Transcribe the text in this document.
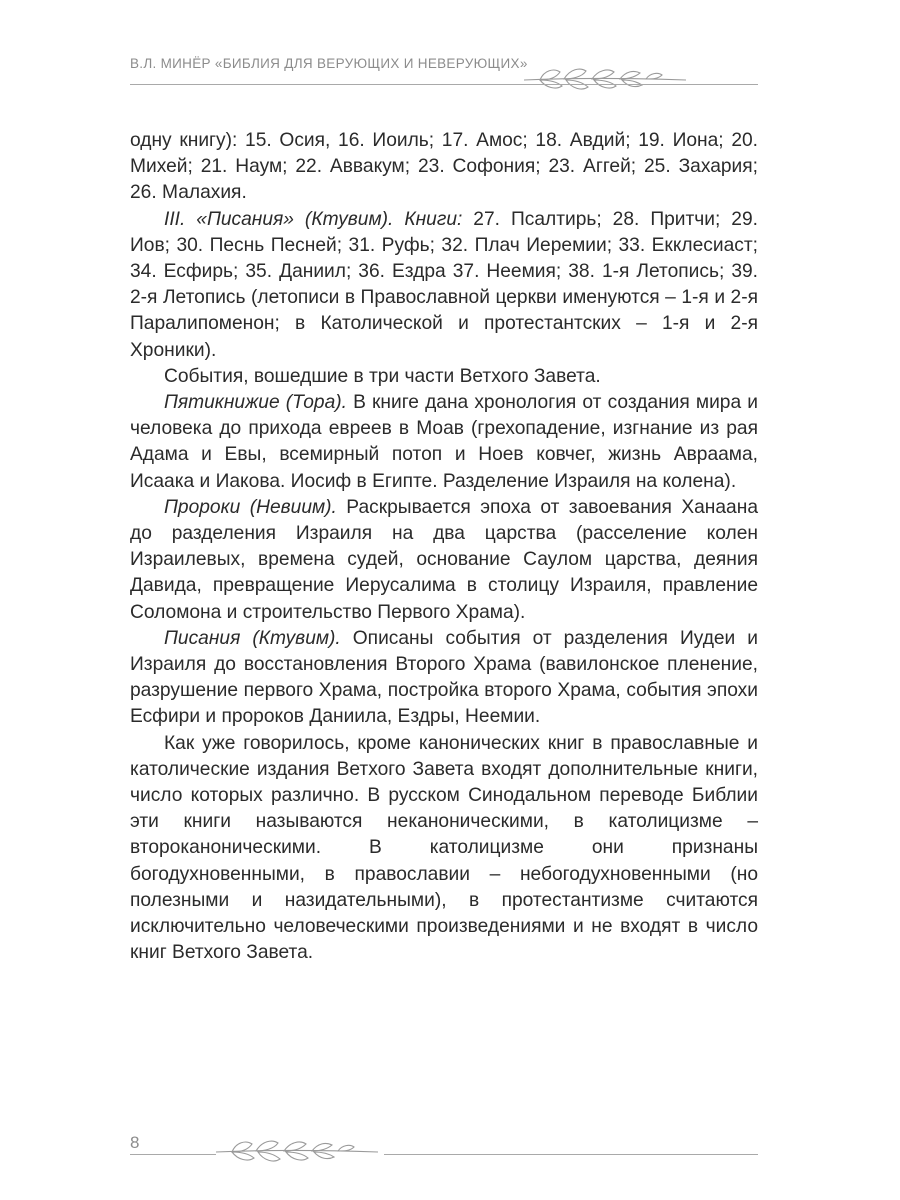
В.Л. МИНЁР «БИБЛИЯ ДЛЯ ВЕРУЮЩИХ И НЕВЕРУЮЩИХ»

одну книгу): 15. Осия, 16. Иоиль; 17. Амос; 18. Авдий; 19. Иона; 20. Михей; 21. Наум; 22. Аввакум; 23. Софония; 23. Аггей; 25. Захария; 26. Малахия.

III. «Писания» (Ктувим). Книги: 27. Псалтирь; 28. Притчи; 29. Иов; 30. Песнь Песней; 31. Руфь; 32. Плач Иеремии; 33. Екклесиаст; 34. Есфирь; 35. Даниил; 36. Ездра 37. Неемия; 38. 1-я Летопись; 39. 2-я Летопись (летописи в Православной церкви именуются – 1-я и 2-я Паралипоменон; в Католической и протестантских – 1-я и 2-я Хроники).

События, вошедшие в три части Ветхого Завета.

Пятикнижие (Тора). В книге дана хронология от создания мира и человека до прихода евреев в Моав (грехопадение, изгнание из рая Адама и Евы, всемирный потоп и Ноев ковчег, жизнь Авраама, Исаака и Иакова. Иосиф в Египте. Разделение Израиля на колена).

Пророки (Невиим). Раскрывается эпоха от завоевания Ханаана до разделения Израиля на два царства (расселение колен Израилевых, времена судей, основание Саулом царства, деяния Давида, превращение Иерусалима в столицу Израиля, правление Соломона и строительство Первого Храма).

Писания (Ктувим). Описаны события от разделения Иудеи и Израиля до восстановления Второго Храма (вавилонское пленение, разрушение первого Храма, постройка второго Храма, события эпохи Есфири и пророков Даниила, Ездры, Неемии.

Как уже говорилось, кроме канонических книг в православные и католические издания Ветхого Завета входят дополнительные книги, число которых различно. В русском Синодальном переводе Библии эти книги называются неканоническими, в католицизме – второканоническими. В католицизме они признаны богодухновенными, в православии – небогодухновенными (но полезными и назидательными), в протестантизме считаются исключительно человеческими произведениями и не входят в число книг Ветхого Завета.

8
